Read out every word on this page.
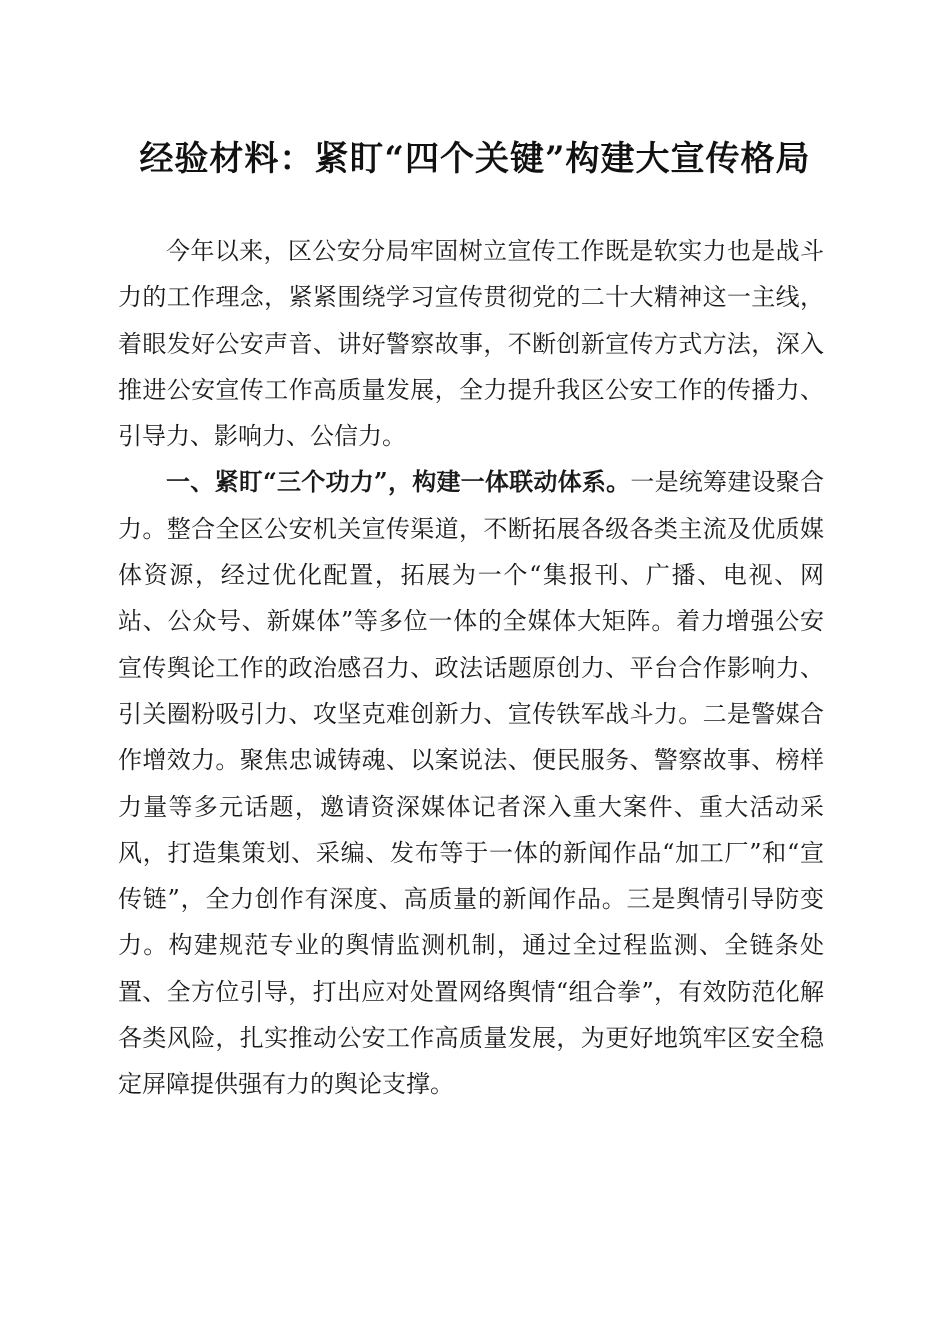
经验材料：紧盯“四个关键”构建大宣传格局

今年以来，区公安分局牢固树立宣传工作既是软实力也是战斗力的工作理念，紧紧围绕学习宣传贯彻党的二十大精神这一主线，着眼发好公安声音、讲好警察故事，不断创新宣传方式方法，深入推进公安宣传工作高质量发展，全力提升我区公安工作的传播力、引导力、影响力、公信力。

一、紧盯“三个功力”，构建一体联动体系。一是统筹建设聚合力。整合全区公安机关宣传渠道，不断拓展各级各类主流及优质媒体资源，经过优化配置，拓展为一个“集报刊、广播、电视、网站、公众号、新媒体”等多位一体的全媒体大矩阵。着力增强公安宣传舆论工作的政治感召力、政法话题原创力、平台合作影响力、引关圈粉吸引力、攻坚克难创新力、宣传铁军战斗力。二是警媒合作增效力。聚焦忠诚铸魂、以案说法、便民服务、警察故事、榜样力量等多元话题，邀请资深媒体记者深入重大案件、重大活动采风，打造集策划、采编、发布等于一体的新闻作品“加工厂”和“宣传链”，全力创作有深度、高质量的新闻作品。三是舆情引导防变力。构建规范专业的舆情监测机制，通过全过程监测、全链条处置、全方位引导，打出应对处置网络舆情“组合拳”，有效防范化解各类风险，扎实推动公安工作高质量发展，为更好地筑牢区安全稳定屏障提供强有力的舆论支撑。
